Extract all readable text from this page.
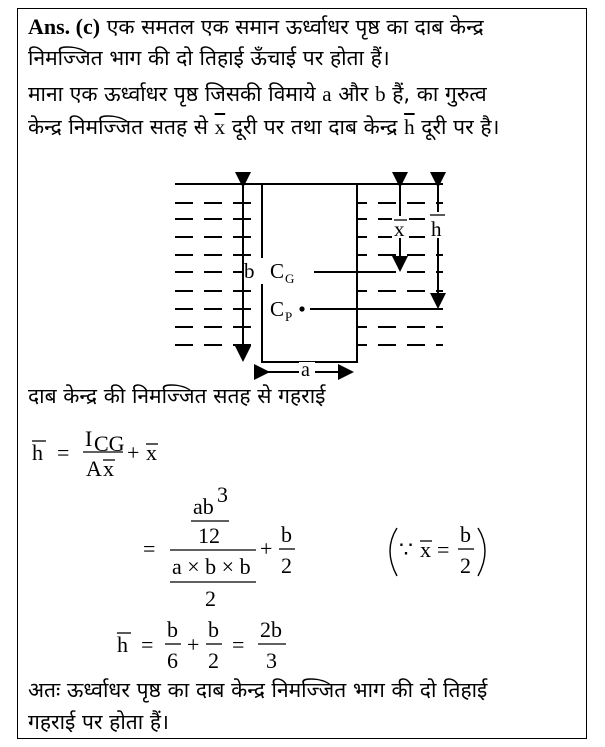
Ans. (c) एक समतल एक समान ऊर्ध्वाधर पृष्ठ का दाब केन्द्र
निमज्जित भाग की दो तिहाई ऊँचाई पर होता हैं।
माना एक ऊर्ध्वाधर पृष्ठ जिसकी विमाये a और b हैं, का गुरुत्व
केन्द्र निमज्जित सतह से $\overline{x}$ दूरी पर तथा दाब केन्द्र $\overline{h}$ दूरी पर है।
b C G
C P
x h
a
दाब केन्द्र की निमज्जित सतह से गहराई
h =
I CG
A x
+ x
=
ab 3
12
a × b × b
2
+
b
2
∵ x =
b
2
h =
b
6
+
b
2
=
2b
3
अतः ऊर्ध्वाधर पृष्ठ का दाब केन्द्र निमज्जित भाग की दो तिहाई
गहराई पर होता हैं।
